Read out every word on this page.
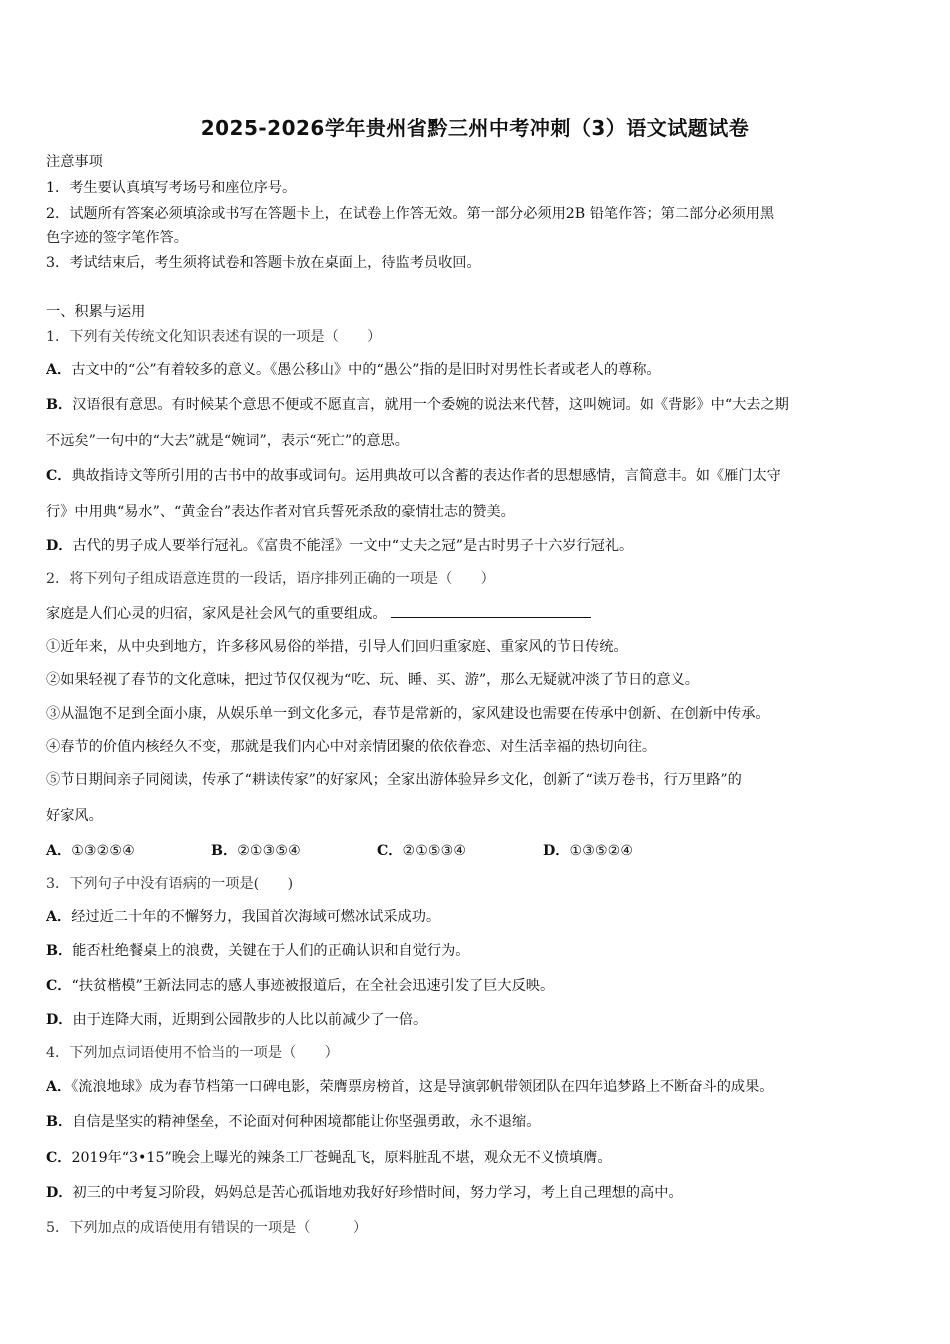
2025-2026学年贵州省黔三州中考冲刺（3）语文试题试卷
注意事项
1．考生要认真填写考场号和座位序号。
2．试题所有答案必须填涂或书写在答题卡上，在试卷上作答无效。第一部分必须用2B 铅笔作答；第二部分必须用黑
色字迹的签字笔作答。
3．考试结束后，考生须将试卷和答题卡放在桌面上，待监考员收回。
一、积累与运用
1．下列有关传统文化知识表述有误的一项是（　　）
A．古文中的“公”有着较多的意义。《愚公移山》中的“愚公”指的是旧时对男性长者或老人的尊称。
B．汉语很有意思。有时候某个意思不便或不愿直言，就用一个委婉的说法来代替，这叫婉词。如《背影》中“大去之期
不远矣”一句中的“大去”就是“婉词”，表示“死亡”的意思。
C．典故指诗文等所引用的古书中的故事或词句。运用典故可以含蓄的表达作者的思想感情，言简意丰。如《雁门太守
行》中用典“易水”、“黄金台”表达作者对官兵誓死杀敌的豪情壮志的赞美。
D．古代的男子成人要举行冠礼。《富贵不能淫》一文中“丈夫之冠”是古时男子十六岁行冠礼。
2．将下列句子组成语意连贯的一段话，语序排列正确的一项是（　　）
家庭是人们心灵的归宿，家风是社会风气的重要组成。
①近年来，从中央到地方，许多移风易俗的举措，引导人们回归重家庭、重家风的节日传统。
②如果轻视了春节的文化意味，把过节仅仅视为“吃、玩、睡、买、游”，那么无疑就冲淡了节日的意义。
③从温饱不足到全面小康，从娱乐单一到文化多元，春节是常新的，家风建设也需要在传承中创新、在创新中传承。
④春节的价值内核经久不变，那就是我们内心中对亲情团聚的依依眷恋、对生活幸福的热切向往。
⑤节日期间亲子同阅读，传承了“耕读传家”的好家风；全家出游体验异乡文化，创新了“读万卷书，行万里路”的
好家风。
A．①③②⑤④	B．②①③⑤④	C．②①⑤③④	D．①③⑤②④
3．下列句子中没有语病的一项是(　　)
A．经过近二十年的不懈努力，我国首次海域可燃冰试采成功。
B．能否杜绝餐桌上的浪费，关键在于人们的正确认识和自觉行为。
C．“扶贫楷模”王新法同志的感人事迹被报道后，在全社会迅速引发了巨大反映。
D．由于连降大雨，近期到公园散步的人比以前减少了一倍。
4．下列加点词语使用不恰当的一项是（　　）
A．《流浪地球》成为春节档第一口碑电影，荣膺票房榜首，这是导演郭帆带领团队在四年追梦路上不断奋斗的成果。
B．自信是坚实的精神堡垒，不论面对何种困境都能让你坚强勇敢，永不退缩。
C．2019年“3•15”晚会上曝光的辣条工厂苍蝇乱飞，原料脏乱不堪，观众无不义愤填膺。
D．初三的中考复习阶段，妈妈总是苦心孤诣地劝我好好珍惜时间，努力学习，考上自己理想的高中。
5．下列加点的成语使用有错误的一项是（　　　）
